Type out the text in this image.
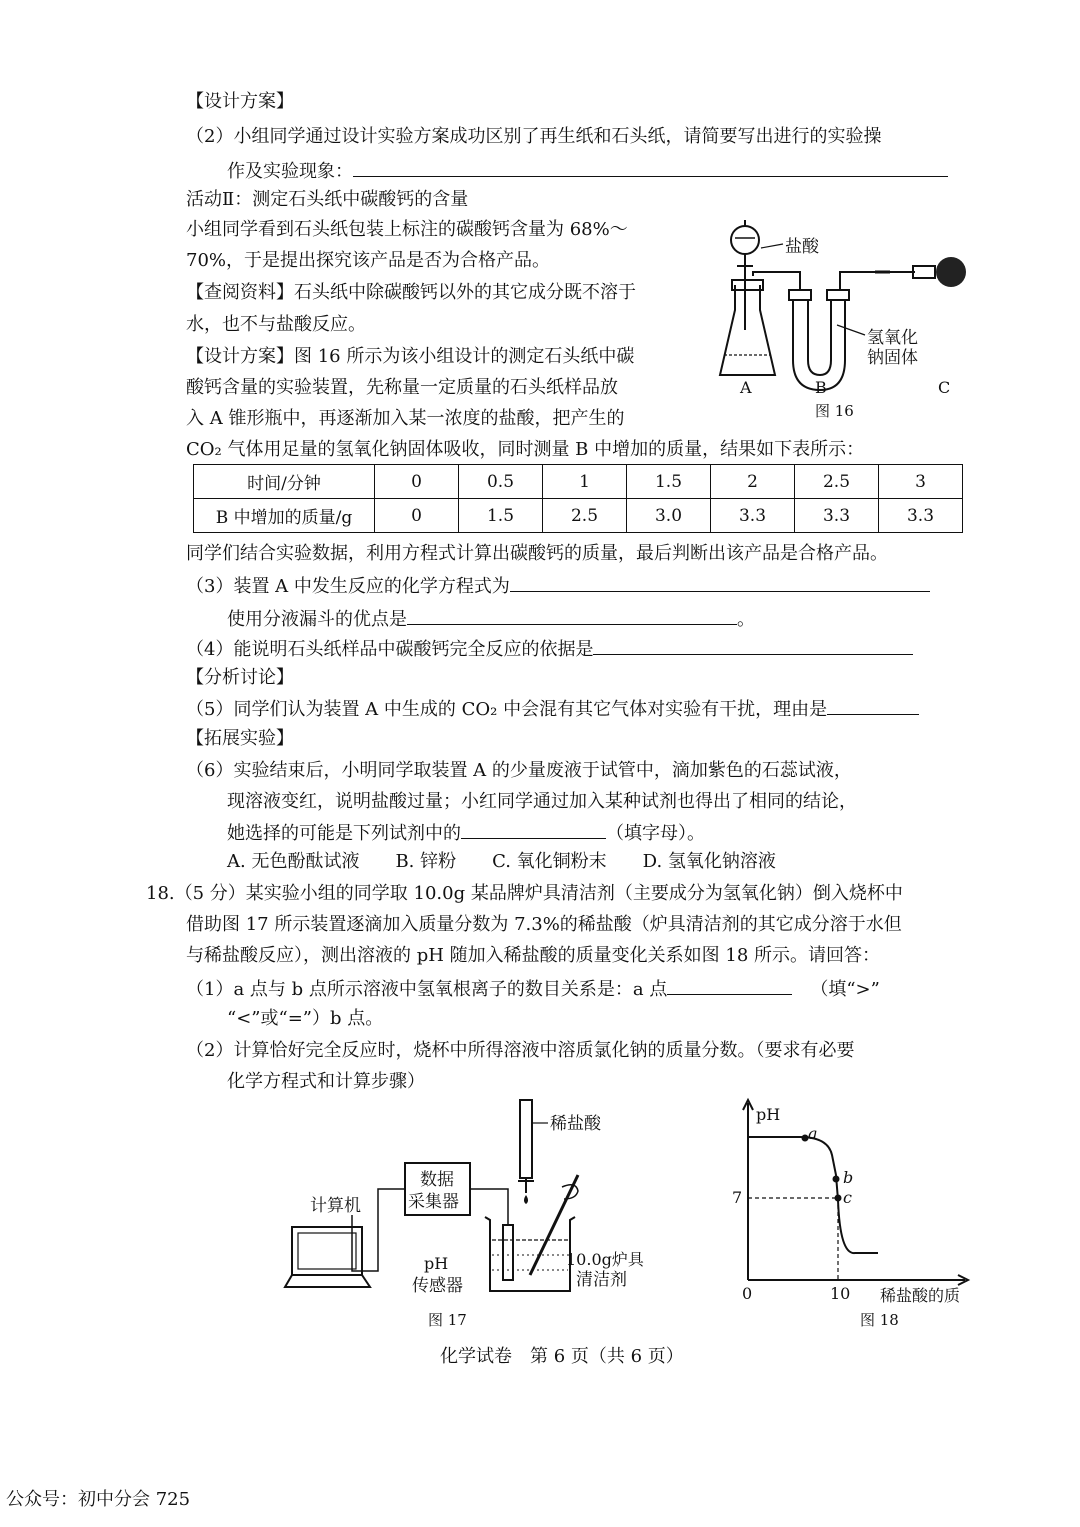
【设计方案】
（2）小组同学通过设计实验方案成功区别了再生纸和石头纸，请简要写出进行的实验操
作及实验现象：
活动Ⅱ：测定石头纸中碳酸钙的含量
小组同学看到石头纸包装上标注的碳酸钙含量为 68%～
70%，于是提出探究该产品是否为合格产品。
【查阅资料】石头纸中除碳酸钙以外的其它成分既不溶于
水，也不与盐酸反应。
【设计方案】图 16 所示为该小组设计的测定石头纸中碳
酸钙含量的实验装置，先称量一定质量的石头纸样品放
入 A 锥形瓶中，再逐渐加入某一浓度的盐酸，把产生的
CO₂ 气体用足量的氢氧化钠固体吸收，同时测量 B 中增加的质量，结果如下表所示：
盐酸
氢氧化
钠固体
A	B	C
图 16
时间/分钟	0	0.5	1	1.5	2	2.5	3
B 中增加的质量/g	0	1.5	2.5	3.0	3.3	3.3	3.3
同学们结合实验数据，利用方程式计算出碳酸钙的质量，最后判断出该产品是合格产品。
（3）装置 A 中发生反应的化学方程式为
使用分液漏斗的优点是	。
（4）能说明石头纸样品中碳酸钙完全反应的依据是
【分析讨论】
（5）同学们认为装置 A 中生成的 CO₂ 中会混有其它气体对实验有干扰，理由是
【拓展实验】
（6）实验结束后，小明同学取装置 A 的少量废液于试管中，滴加紫色的石蕊试液，
现溶液变红，说明盐酸过量；小红同学通过加入某种试剂也得出了相同的结论，
她选择的可能是下列试剂中的	（填字母）。
A. 无色酚酞试液　　B. 锌粉　　C. 氧化铜粉末　　D. 氢氧化钠溶液
18.（5 分）某实验小组的同学取 10.0g 某品牌炉具清洁剂（主要成分为氢氧化钠）倒入烧杯中
借助图 17 所示装置逐滴加入质量分数为 7.3%的稀盐酸（炉具清洁剂的其它成分溶于水但
与稀盐酸反应），测出溶液的 pH 随加入稀盐酸的质量变化关系如图 18 所示。请回答：
（1）a 点与 b 点所示溶液中氢氧根离子的数目关系是：a 点	（填“>”
“<”或“=”）b 点。
（2）计算恰好完全反应时，烧杯中所得溶液中溶质氯化钠的质量分数。（要求有必要
化学方程式和计算步骤）
稀盐酸
数据
采集器
计算机
pH
传感器
10.0g炉具
清洁剂
图 17
pH
a
b
c
7
0	10 稀盐酸的质
图 18
化学试卷　第 6 页（共 6 页）
公众号：初中分会 725
